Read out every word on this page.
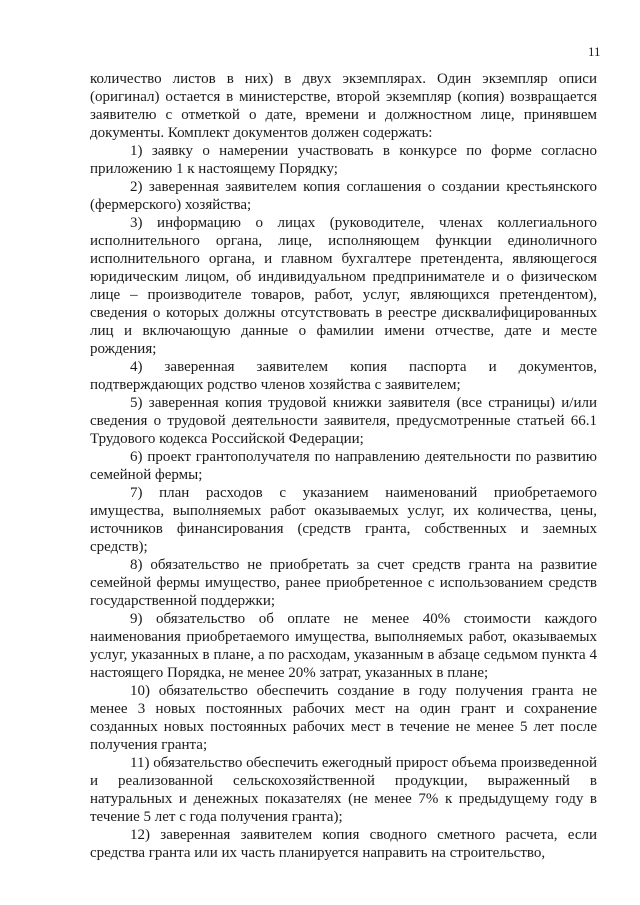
11

количество листов в них) в двух экземплярах. Один экземпляр описи (оригинал) остается в министерстве, второй экземпляр (копия) возвращается заявителю с отметкой о дате, времени и должностном лице, принявшем документы. Комплект документов должен содержать:

1) заявку о намерении участвовать в конкурсе по форме согласно приложению 1 к настоящему Порядку;

2) заверенная заявителем копия соглашения о создании крестьянского (фермерского) хозяйства;

3) информацию о лицах (руководителе, членах коллегиального исполнительного органа, лице, исполняющем функции единоличного исполнительного органа, и главном бухгалтере претендента, являющегося юридическим лицом, об индивидуальном предпринимателе и о физическом лице – производителе товаров, работ, услуг, являющихся претендентом), сведения о которых должны отсутствовать в реестре дисквалифицированных лиц и включающую данные о фамилии имени отчестве, дате и месте рождения;

4) заверенная заявителем копия паспорта и документов, подтверждающих родство членов хозяйства с заявителем;

5) заверенная копия трудовой книжки заявителя (все страницы) и/или сведения о трудовой деятельности заявителя, предусмотренные статьей 66.1 Трудового кодекса Российской Федерации;

6) проект грантополучателя по направлению деятельности по развитию семейной фермы;

7) план расходов с указанием наименований приобретаемого имущества, выполняемых работ оказываемых услуг, их количества, цены, источников финансирования (средств гранта, собственных и заемных средств);

8) обязательство не приобретать за счет средств гранта на развитие семейной фермы имущество, ранее приобретенное с использованием средств государственной поддержки;

9) обязательство об оплате не менее 40% стоимости каждого наименования приобретаемого имущества, выполняемых работ, оказываемых услуг, указанных в плане, а по расходам, указанным в абзаце седьмом пункта 4 настоящего Порядка, не менее 20% затрат, указанных в плане;

10) обязательство обеспечить создание в году получения гранта не менее 3 новых постоянных рабочих мест на один грант и сохранение созданных новых постоянных рабочих мест в течение не менее 5 лет после получения гранта;

11) обязательство обеспечить ежегодный прирост объема произведенной и реализованной сельскохозяйственной продукции, выраженный в натуральных и денежных показателях (не менее 7% к предыдущему году в течение 5 лет с года получения гранта);

12) заверенная заявителем копия сводного сметного расчета, если средства гранта или их часть планируется направить на строительство,
